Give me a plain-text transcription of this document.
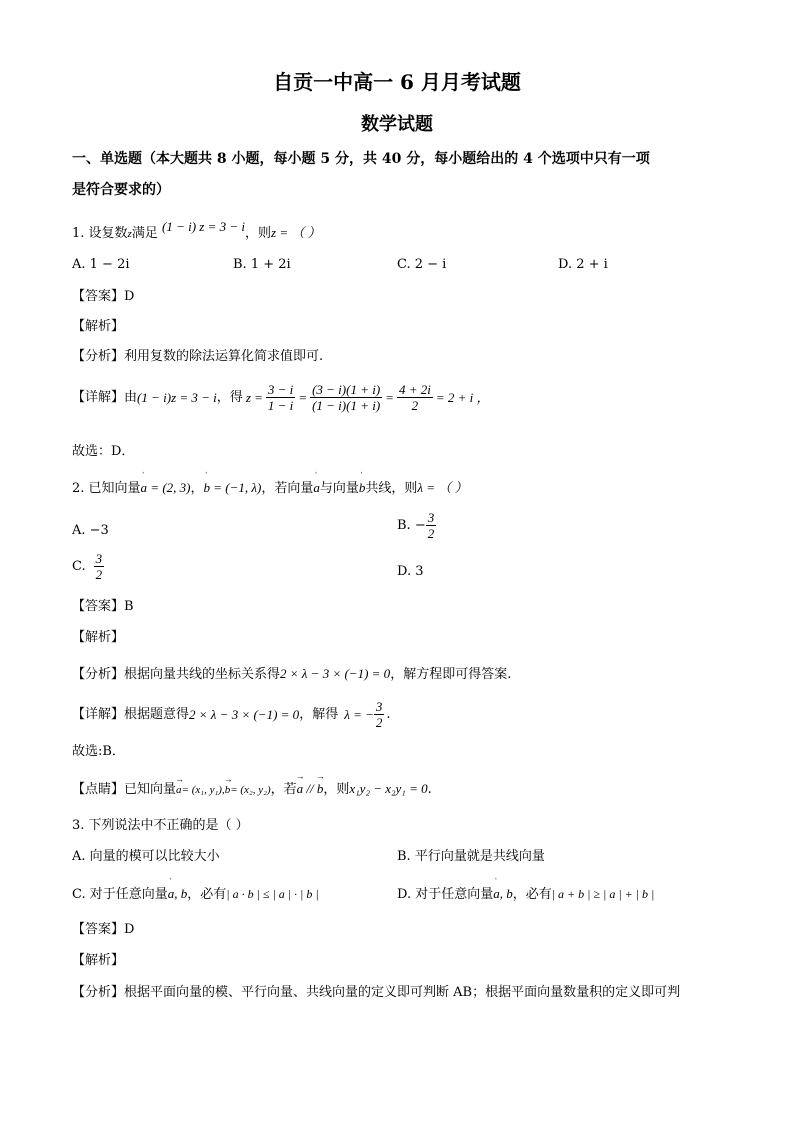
自贡一中高一 6 月月考试题
数学试题
一、单选题（本大题共 8 小题，每小题 5 分，共 40 分，每小题给出的 4 个选项中只有一项
是符合要求的）
1. 设复数z满足 (1 − i) z = 3 − i，则z = （ ）
A. 1 − 2i	B. 1 + 2i	C. 2 − i	D. 2 + i
【答案】D
【解析】
【分析】利用复数的除法运算化简求值即可.
【详解】 由 (1 − i)z = 3 − i ，得 $z = \frac{3 - i}{1 - i} = \frac{(3 - i)(1 + i)}{(1 - i)(1 + i)} = \frac{4 + 2i}{2} = 2 + i$ ，
故选：D．
2. 已知向量ˈ a = (2, 3)，ˈ b = (−1, λ)，若向量ˈ a与向量ˈ b共线，则λ = （ ）
A. −3	B. − $\frac{3}{2}$
C. $\frac{3}{2}$	D. 3
【答案】B
【解析】
【分析】根据向量共线的坐标关系得2 × λ − 3 × (−1) = 0，解方程即可得答案.
【详解】 根据题意得 2 × λ − 3 × (−1) = 0 ，解得 λ = − $\frac{3}{2}$ .
故选:B．
【点睛】已知向量→ a= (x₁, y₁),→ b= (x₂, y₂)，若→ a // → b，则x₁y₂ − x₂y₁ = 0.
3. 下列说法中不正确的是（ ）
A. 向量的模可以比较大小	B. 平行向量就是共线向量
C. 对于任意向量ˈ a, b，必有| a · b | ≤ | a | · | b |	D. 对于任意向量ˈ a, b，必有| a + b | ≥ | a | + | b |
【答案】D
【解析】
【分析】根据平面向量的模、平行向量、共线向量的定义即可判断 AB；根据平面向量数量积的定义即可判
